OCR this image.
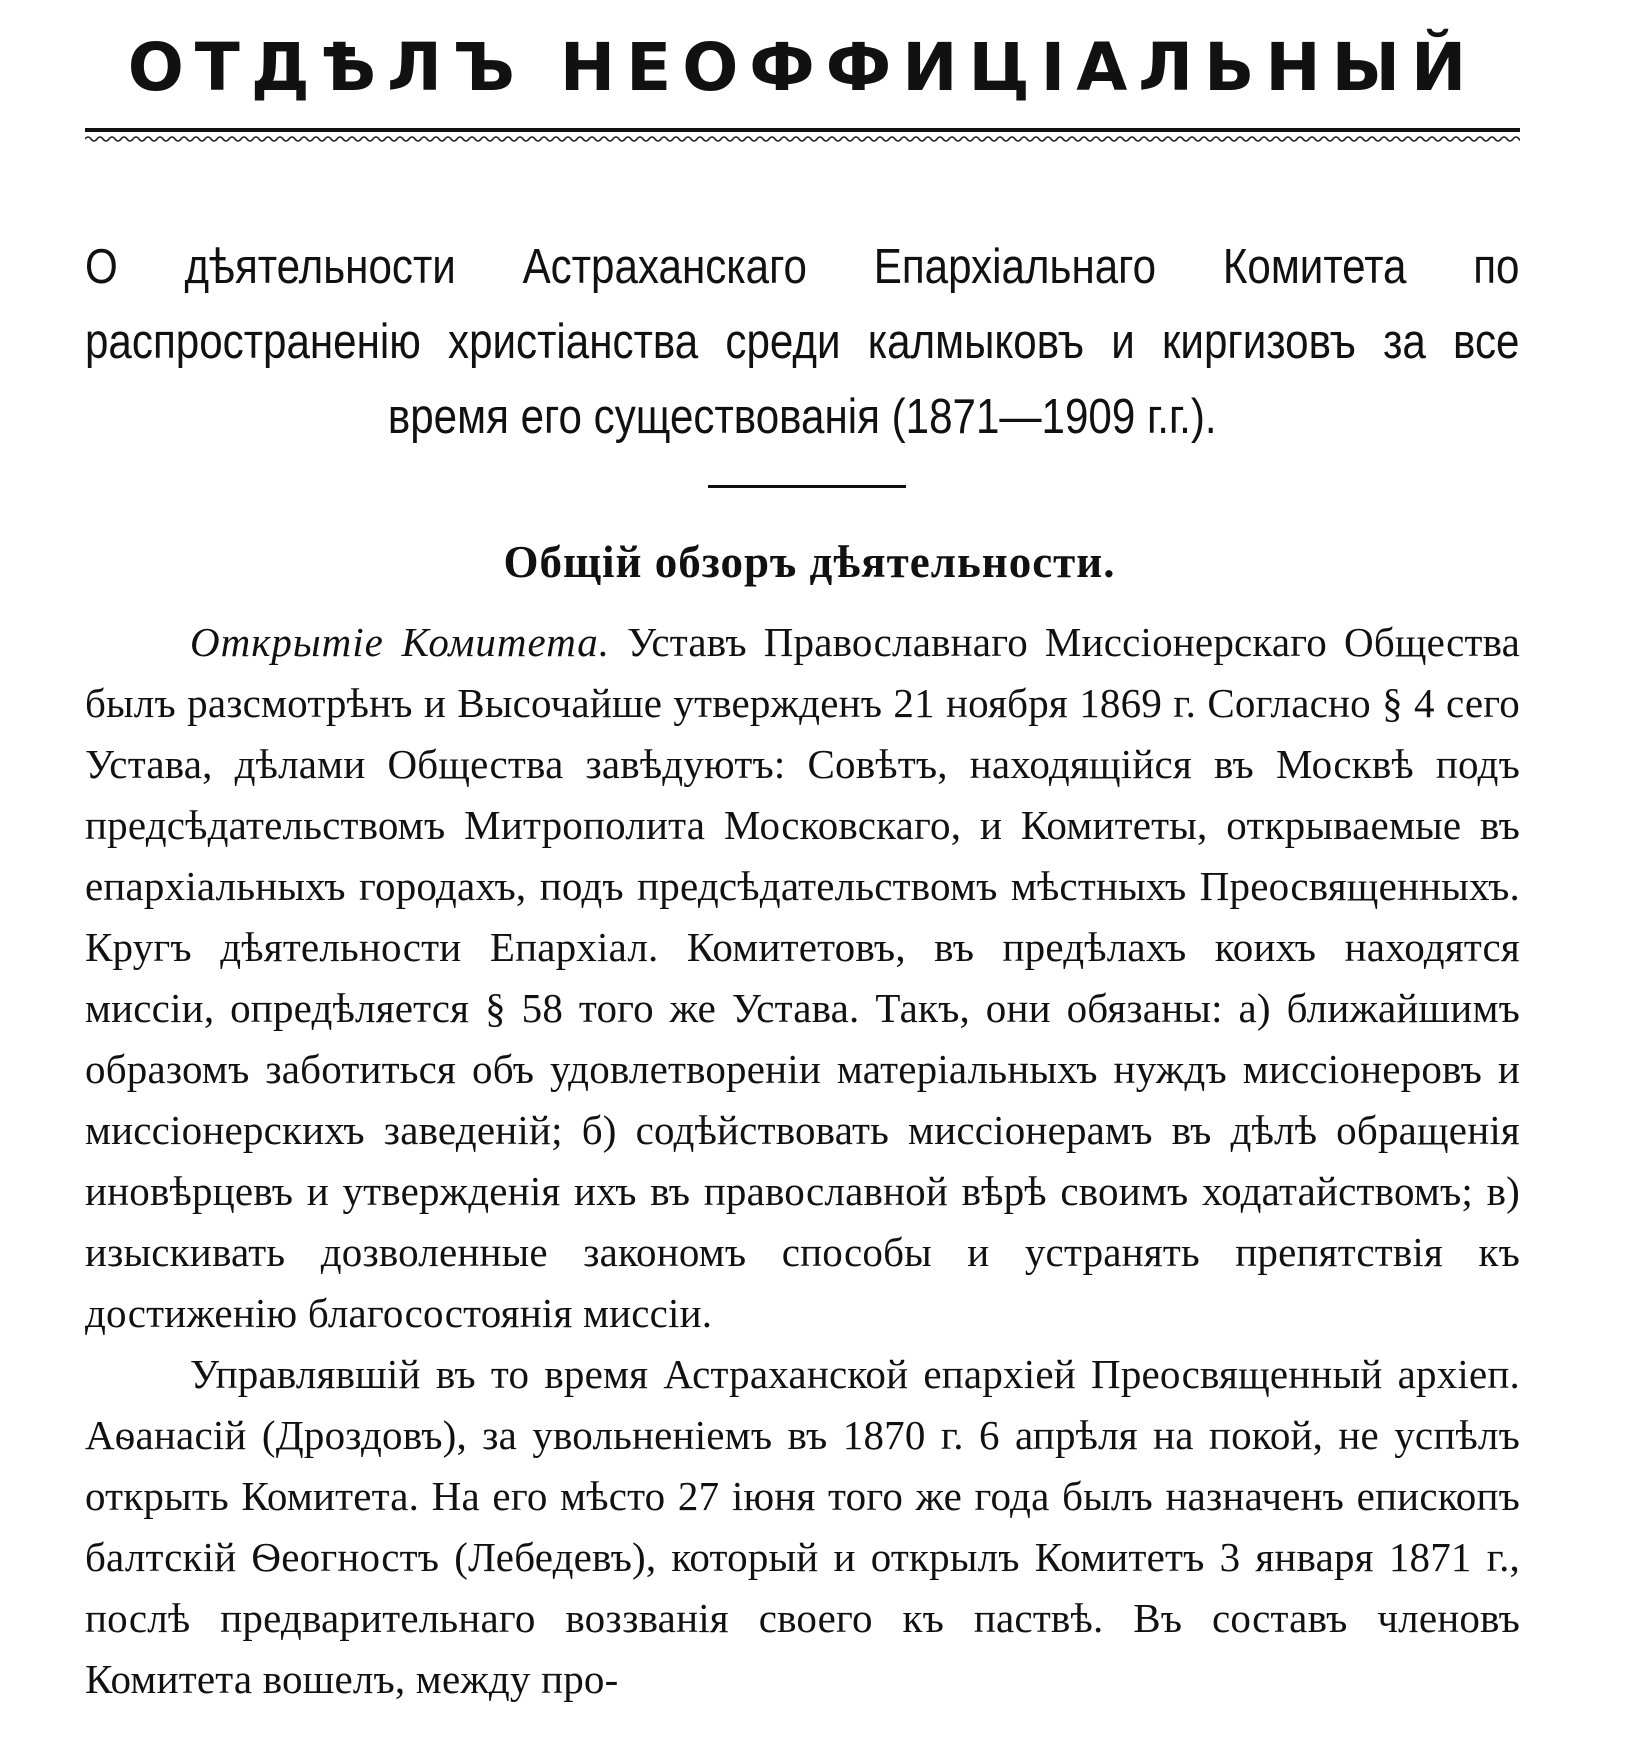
ОТДѢЛЪ НЕОФФИЦІАЛЬНЫЙ
О дѣятельности Астраханскаго Епархіальнаго Комитета по распространенію христіанства среди калмыковъ и киргизовъ за все время его существованія (1871—1909 г.г.).
Общій обзоръ дѣятельности.

Открытіе Комитета. Уставъ Православнаго Миссіонерскаго Общества былъ разсмотрѣнъ и Высочайше утвержденъ 21 ноября 1869 г. Согласно § 4 сего Устава, дѣлами Общества завѣдуютъ: Совѣтъ, находящійся въ Москвѣ подъ предсѣдательствомъ Митрополита Московскаго, и Комитеты, открываемые въ епархіальныхъ городахъ, подъ предсѣдательствомъ мѣстныхъ Преосвященныхъ. Кругъ дѣятельности Епархіал. Комитетовъ, въ предѣлахъ коихъ находятся миссіи, опредѣляется § 58 того же Устава. Такъ, они обязаны: а) ближайшимъ образомъ заботиться объ удовлетвореніи матеріальныхъ нуждъ миссіонеровъ и миссіонерскихъ заведеній; б) содѣйствовать миссіонерамъ въ дѣлѣ обращенія иновѣрцевъ и утвержденія ихъ въ православной вѣрѣ своимъ ходатайствомъ; в) изыскивать дозволенные закономъ способы и устранять препятствія къ достиженію благосостоянія миссіи.

Управлявшій въ то время Астраханской епархіей Преосвященный архіеп. Аѳанасій (Дроздовъ), за увольненіемъ въ 1870 г. 6 апрѣля на покой, не успѣлъ открыть Комитета. На его мѣсто 27 іюня того же года былъ назначенъ епископъ балтскій Ѳеогностъ (Лебедевъ), который и открылъ Комитетъ 3 января 1871 г., послѣ предварительнаго воззванія своего къ паствѣ. Въ составъ членовъ Комитета вошелъ, между про-
